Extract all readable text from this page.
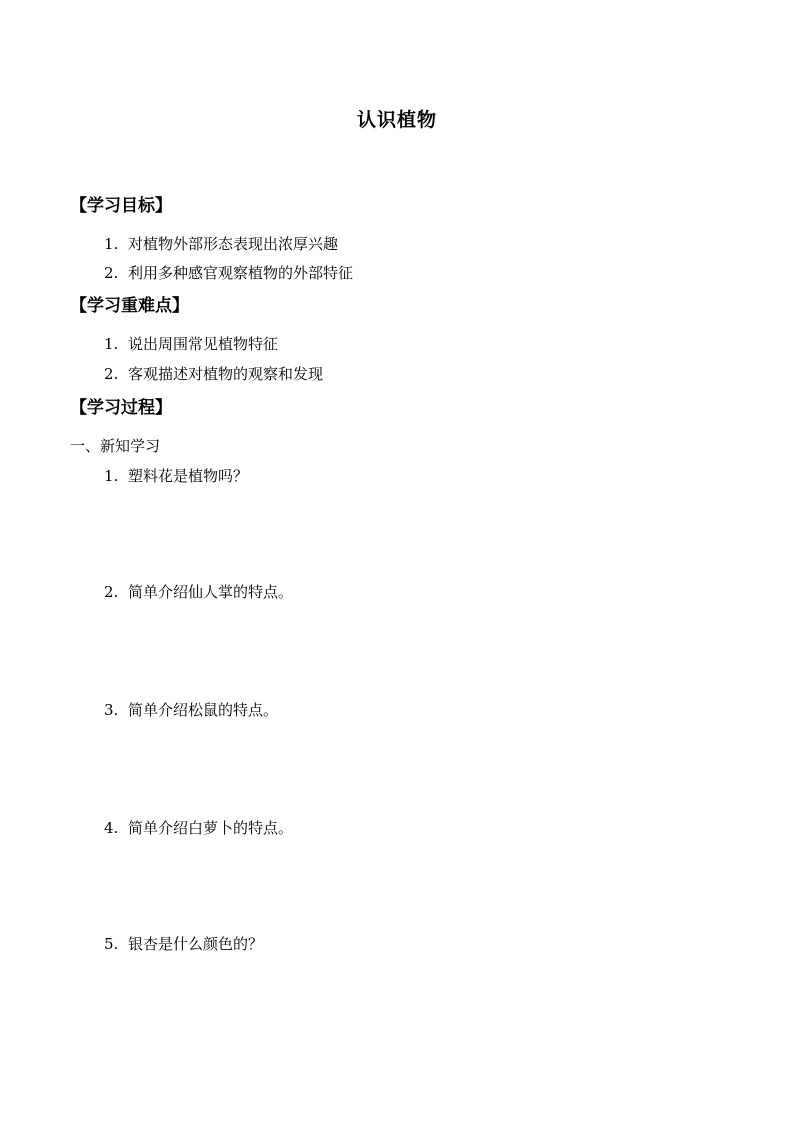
认识植物
【学习目标】
1. 对植物外部形态表现出浓厚兴趣
2. 利用多种感官观察植物的外部特征
【学习重难点】
1. 说出周围常见植物特征
2. 客观描述对植物的观察和发现
【学习过程】
一、新知学习
1. 塑料花是植物吗？
2. 简单介绍仙人掌的特点。
3. 简单介绍松鼠的特点。
4. 简单介绍白萝卜的特点。
5. 银杏是什么颜色的？
